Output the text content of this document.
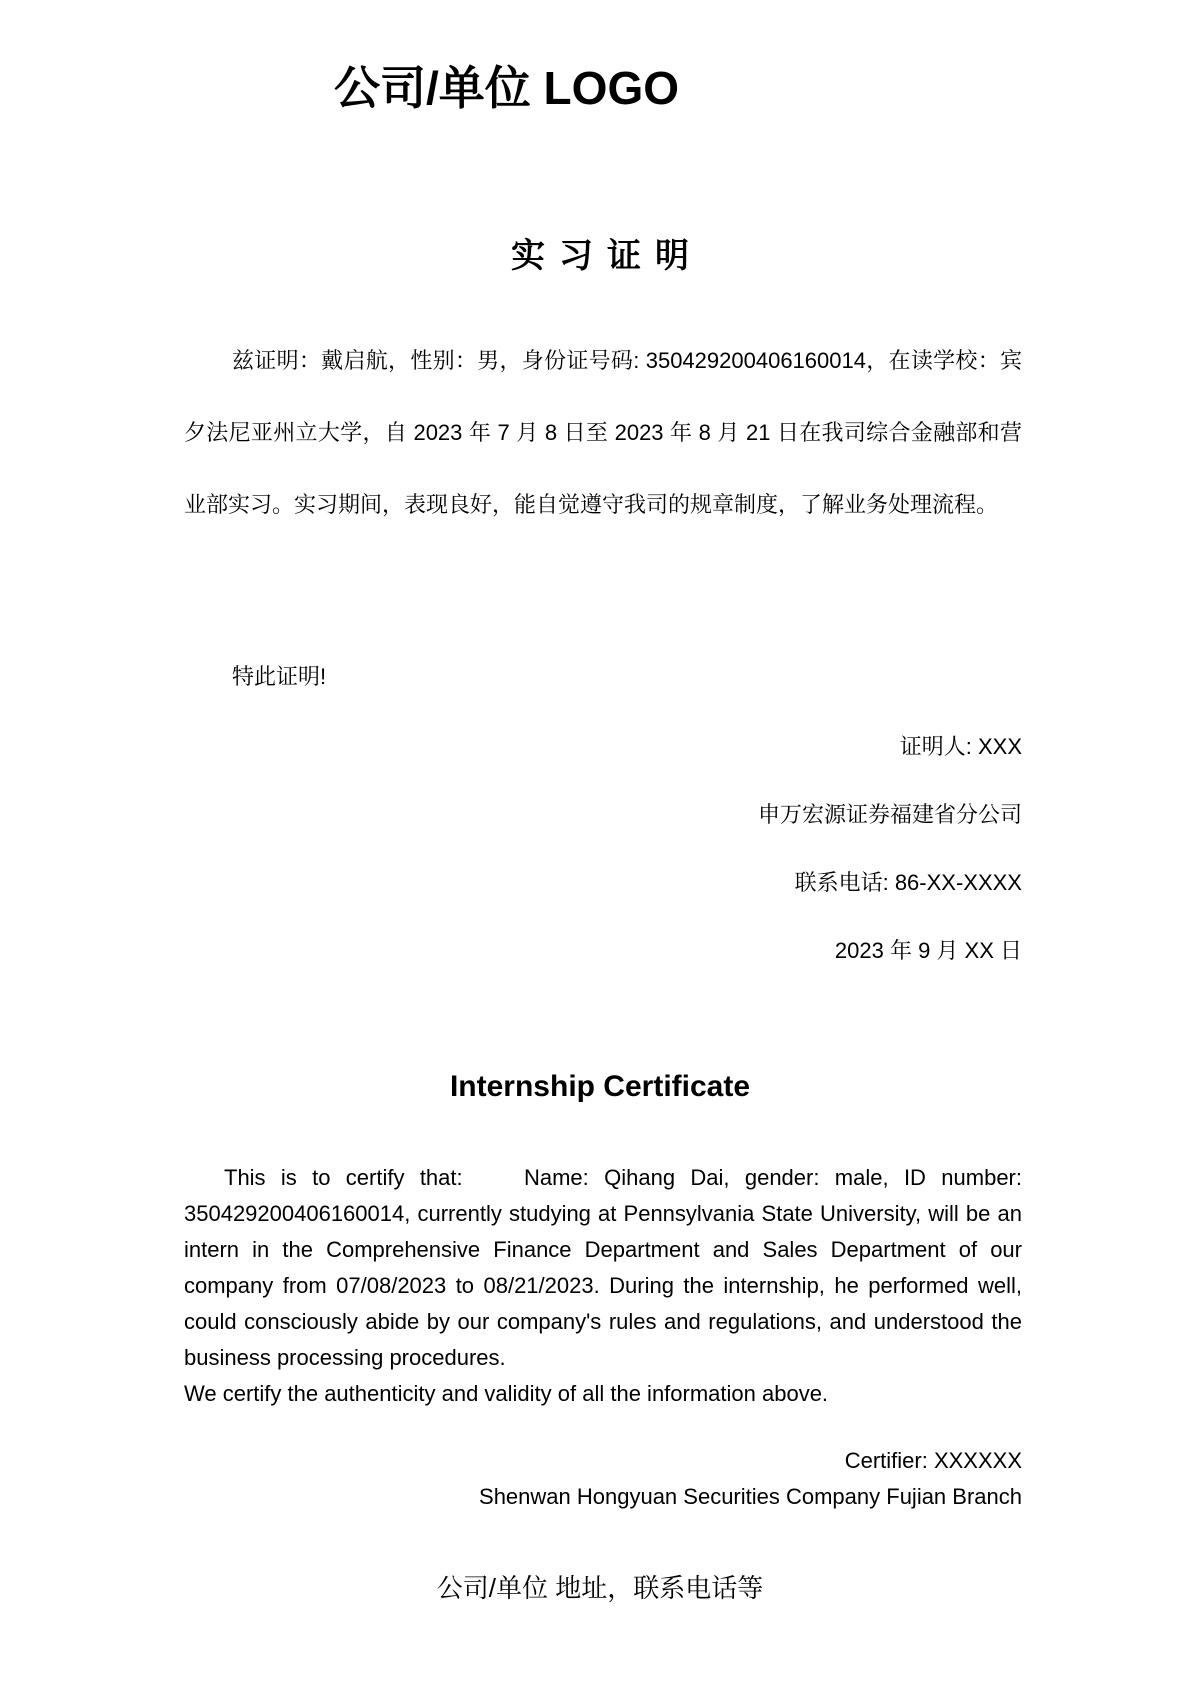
公司/单位 LOGO
实习证明
兹证明：戴启航，性别：男，身份证号码: 350429200406160014，在读学校：宾夕法尼亚州立大学，自 2023 年 7 月 8 日至 2023 年 8 月 21 日在我司综合金融部和营业部实习。实习期间，表现良好，能自觉遵守我司的规章制度，了解业务处理流程。
特此证明!
证明人: XXX
申万宏源证券福建省分公司
联系电话: 86-XX-XXXX
2023 年 9 月 XX 日
Internship Certificate

This is to certify that:    Name: Qihang Dai, gender: male, ID number: 350429200406160014, currently studying at Pennsylvania State University, will be an intern in the Comprehensive Finance Department and Sales Department of our company from 07/08/2023 to 08/21/2023. During the internship, he performed well, could consciously abide by our company's rules and regulations, and understood the business processing procedures.

We certify the authenticity and validity of all the information above.

Certifier: XXXXXX
Shenwan Hongyuan Securities Company Fujian Branch
公司/单位 地址，联系电话等
